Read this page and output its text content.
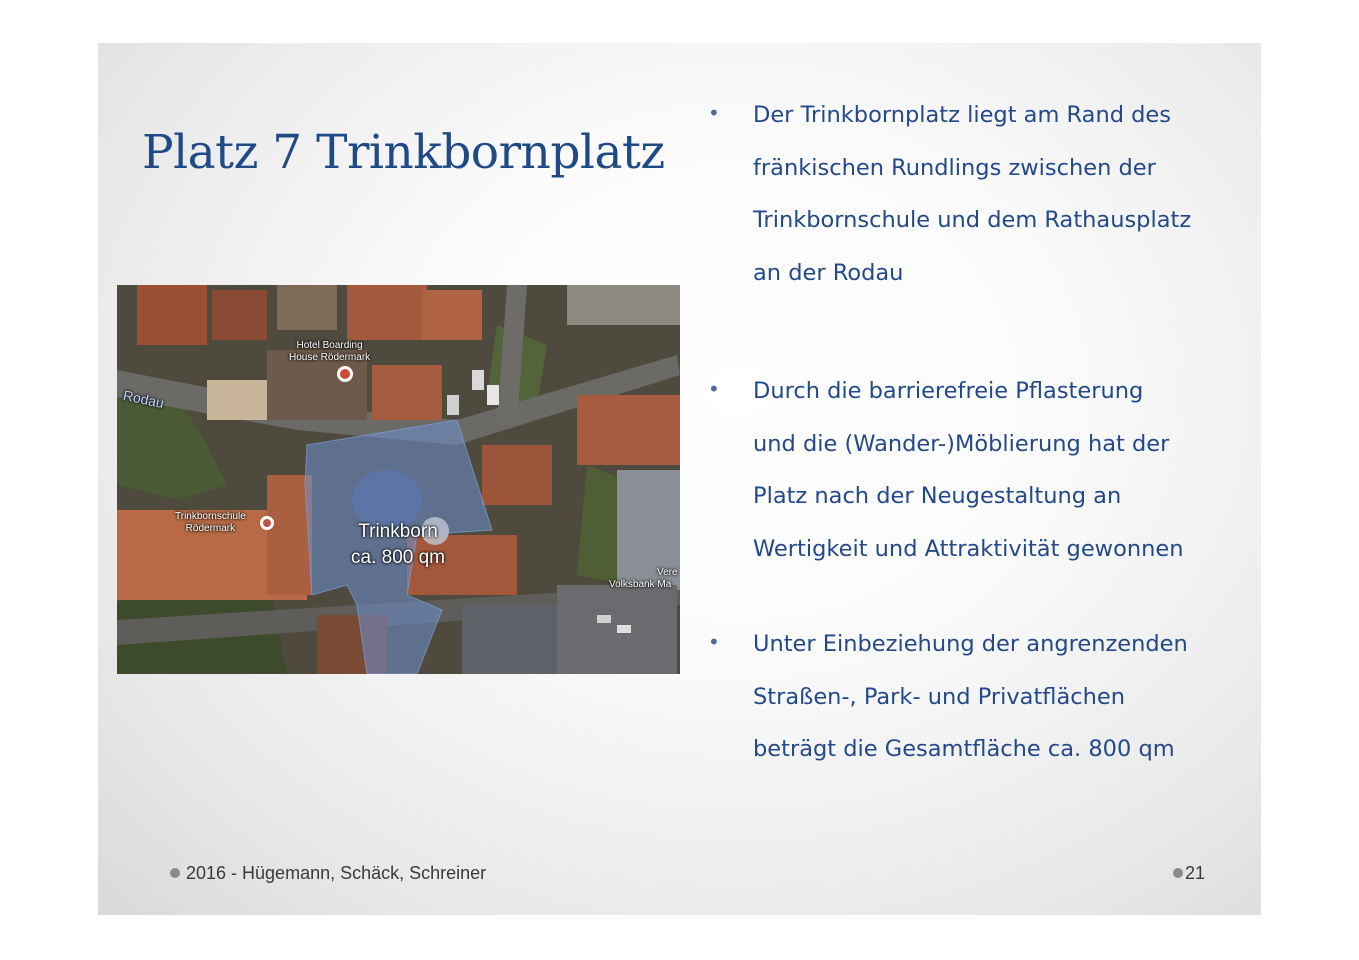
Platz 7 Trinkbornplatz
• Der Trinkbornplatz liegt am Rand des
fränkischen Rundlings zwischen der
Trinkbornschule und dem Rathausplatz
an der Rodau
• Durch die barrierefreie Pflasterung
und die (Wander-)Möblierung hat der
Platz nach der Neugestaltung an
Wertigkeit und Attraktivität gewonnen
• Unter Einbeziehung der angrenzenden
Straßen-, Park- und Privatflächen
beträgt die Gesamtfläche ca. 800 qm
Hotel Boarding
House Rödermark
Rodau
Trinkbornschule
Rödermark	Trinkborn
ca. 800 qm
Vere
Volksbank Ma
2016 - Hügemann, Schäck, Schreiner	21
